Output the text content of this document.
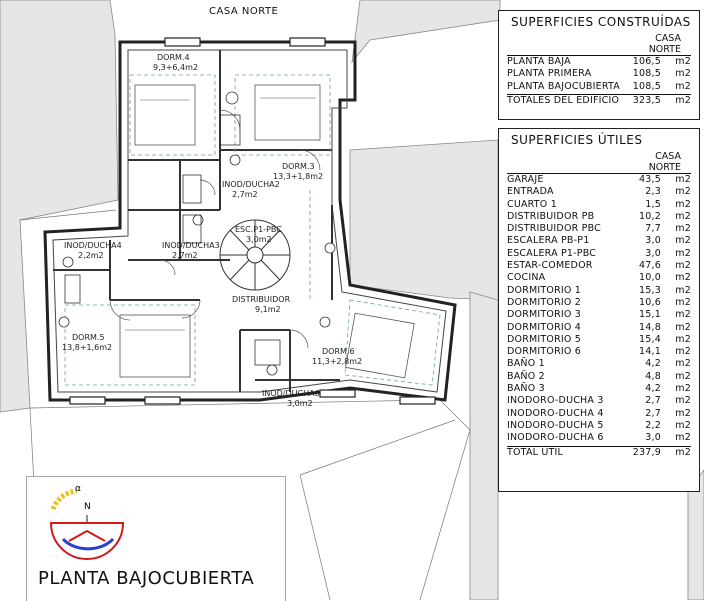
CASA NORTE
DORM.4
9,3+6,4m2
DORM.3
13,3+1,8m2
INOD/DUCHA2
2,7m2
ESC.P1-PBC
3,0m2
INOD/DUCHA3
2,7m2
INOD/DUCHA4
2,2m2
DISTRIBUIDOR
9,1m2
DORM.5
13,8+1,6m2	DORM.6
11,3+2,8m2
INOD/DUCHA6
3,0m2
α
N
PLANTA BAJOCUBIERTA
SUPERFICIES CONSTRUÍDAS
CASA
NORTE
PLANTA BAJA	106,5	m2
PLANTA PRIMERA	108,5	m2
PLANTA BAJOCUBIERTA	108,5	m2
TOTALES DEL EDIFICIO	323,5	m2
SUPERFICIES ÚTILES
CASA
NORTE
GARAJE	43,5	m2
ENTRADA	2,3	m2
CUARTO 1	1,5	m2
DISTRIBUIDOR PB	10,2	m2
DISTRIBUIDOR PBC	7,7	m2
ESCALERA PB-P1	3,0	m2
ESCALERA P1-PBC	3,0	m2
ESTAR-COMEDOR	47,6	m2
COCINA	10,0	m2
DORMITORIO 1	15,3	m2
DORMITORIO 2	10,6	m2
DORMITORIO 3	15,1	m2
DORMITORIO 4	14,8	m2
DORMITORIO 5	15,4	m2
DORMITORIO 6	14,1	m2
BAÑO 1	4,2	m2
BAÑO 2	4,8	m2
BAÑO 3	4,2	m2
INODORO-DUCHA 3	2,7	m2
INODORO-DUCHA 4	2,7	m2
INODORO-DUCHA 5	2,2	m2
INODORO-DUCHA 6	3,0	m2
TOTAL ÚTIL	237,9	m2
